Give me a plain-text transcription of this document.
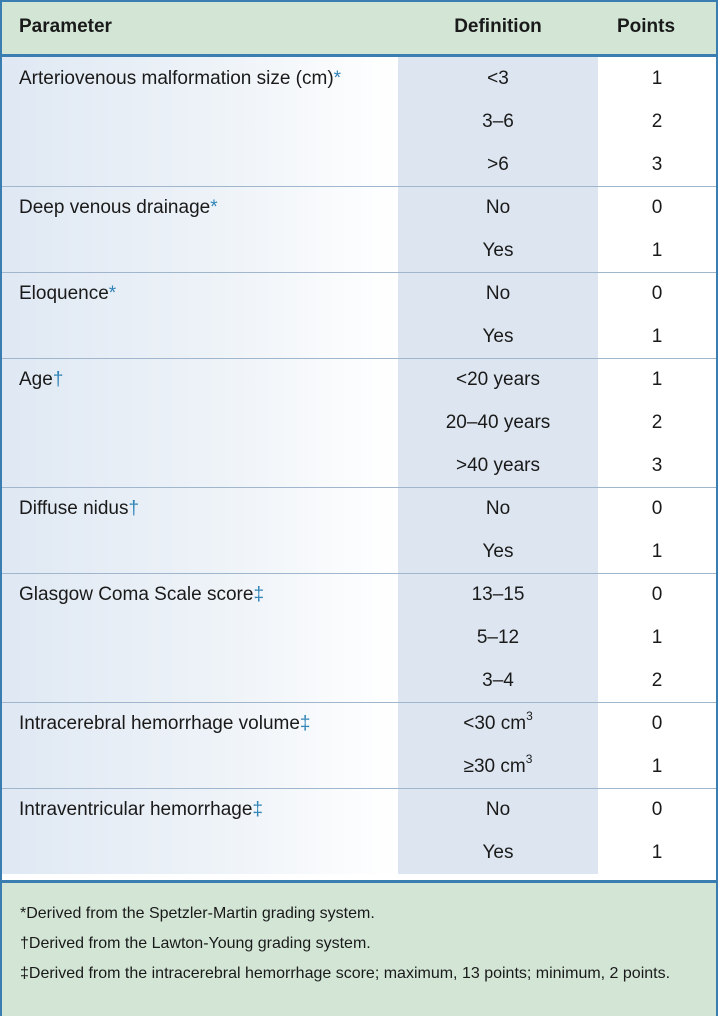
Parameter	Definition	Points
Arteriovenous malformation size (cm)*	<3	1
3–6	2
>6	3
Deep venous drainage*	No	0
Yes	1
Eloquence*	No	0
Yes	1
Age†	<20 years	1
20–40 years	2
>40 years	3
Diffuse nidus†	No	0
Yes	1
Glasgow Coma Scale score‡	13–15	0
5–12	1
3–4	2
Intracerebral hemorrhage volume‡	<30 $cm^3$	0
≥30 $cm^3$	1
Intraventricular hemorrhage‡	No	0
Yes	1
*Derived from the Spetzler-Martin grading system.
†Derived from the Lawton-Young grading system.
‡Derived from the intracerebral hemorrhage score; maximum, 13 points; minimum, 2 points.
